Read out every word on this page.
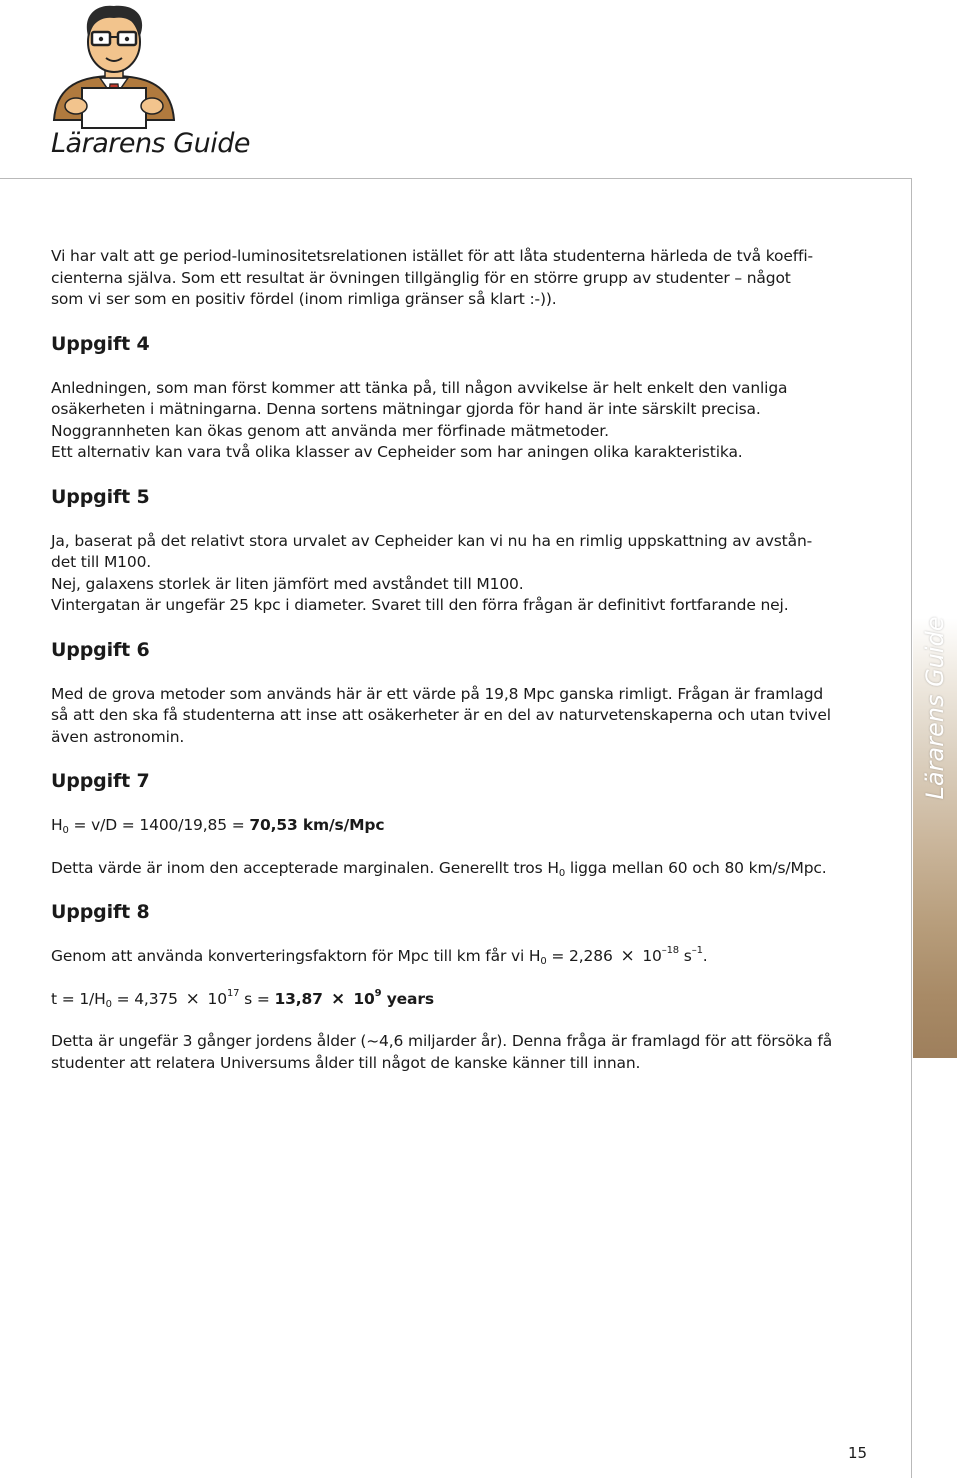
Lärarens Guide
Lärarens Guide

Vi har valt att ge period-luminositetsrelationen istället för att låta studenterna härleda de två koeffi-

cienterna själva. Som ett resultat är övningen tillgänglig för en större grupp av studenter – något

som vi ser som en positiv fördel (inom rimliga gränser så klart :-)).

Uppgift 4

Anledningen, som man först kommer att tänka på, till någon avvikelse är helt enkelt den vanliga

osäkerheten i mätningarna. Denna sortens mätningar gjorda för hand är inte särskilt precisa.

Noggrannheten kan ökas genom att använda mer förfinade mätmetoder.

Ett alternativ kan vara två olika klasser av Cepheider som har aningen olika karakteristika.

Uppgift 5

Ja, baserat på det relativt stora urvalet av Cepheider kan vi nu ha en rimlig uppskattning av avstån-

det till M100.

Nej, galaxens storlek är liten jämfört med avståndet till M100.

Vintergatan är ungefär 25 kpc i diameter. Svaret till den förra frågan är definitivt fortfarande nej.

Uppgift 6

Med de grova metoder som används här är ett värde på 19,8 Mpc ganska rimligt. Frågan är framlagd

så att den ska få studenterna att inse att osäkerheter är en del av naturvetenskaperna och utan tvivel

även astronomin.

Uppgift 7

$H_0 = v/D = 1400/19,85 = 70,53$ km/s/Mpc

Detta värde är inom den accepterade marginalen. Generellt tros $H_0$ ligga mellan 60 och 80 km/s/Mpc.

Uppgift 8

Genom att använda konverteringsfaktorn för Mpc till km får vi $H_0 = 2,286 \times 10^{-18}$ $s^{-1}$.

$t = 1/H_0 = 4,375 \times 10^{17}$ $s = 13,87 \times 10^9$ years

Detta är ungefär 3 gånger jordens ålder (~4,6 miljarder år). Denna fråga är framlagd för att försöka få

studenter att relatera Universums ålder till något de kanske känner till innan.

15
